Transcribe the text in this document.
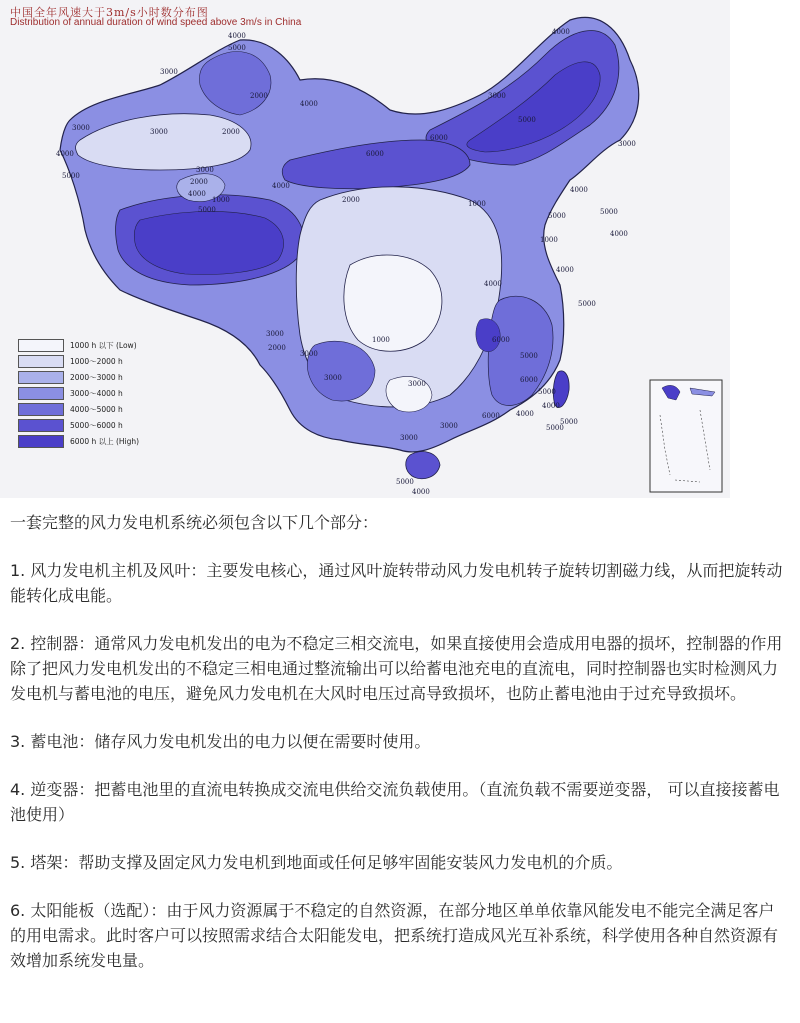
中国全年风速大于3m/s小时数分布图
Distribution of annual duration of wind speed above 3m/s in China
4000
5000
3000
2000
3000
4000
5000
6000
6000
4000
3000
5000
4000
3000
2000
1000	2000	1000
3000
4000
5000
1000
4000
3000
2000
1000
4000
6000
5000
3000
5000
4000
3000
5000
4000
3000
6000
5000
4000
3000
5000
4000
3000
4000
5000
2000
3000
5000
4000
6000
5000
1000 h 以下 (Low)
1000～2000 h
2000～3000 h
3000～4000 h
4000～5000 h
5000～6000 h
6000 h 以上 (High)

一套完整的风力发电机系统必须包含以下几个部分：

1. 风力发电机主机及风叶：主要发电核心，通过风叶旋转带动风力发电机转子旋转切割磁力线，从而把旋转动能转化成电能。

2. 控制器：通常风力发电机发出的电为不稳定三相交流电，如果直接使用会造成用电器的损坏，控制器的作用除了把风力发电机发出的不稳定三相电通过整流输出可以给蓄电池充电的直流电，同时控制器也实时检测风力发电机与蓄电池的电压，避免风力发电机在大风时电压过高导致损坏，也防止蓄电池由于过充导致损坏。

3. 蓄电池：储存风力发电机发出的电力以便在需要时使用。

4. 逆变器：把蓄电池里的直流电转换成交流电供给交流负载使用。（直流负载不需要逆变器， 可以直接接蓄电池使用）

5. 塔架：帮助支撑及固定风力发电机到地面或任何足够牢固能安装风力发电机的介质。

6. 太阳能板（选配）：由于风力资源属于不稳定的自然资源，在部分地区单单依靠风能发电不能完全满足客户的用电需求。此时客户可以按照需求结合太阳能发电，把系统打造成风光互补系统，科学使用各种自然资源有效增加系统发电量。
